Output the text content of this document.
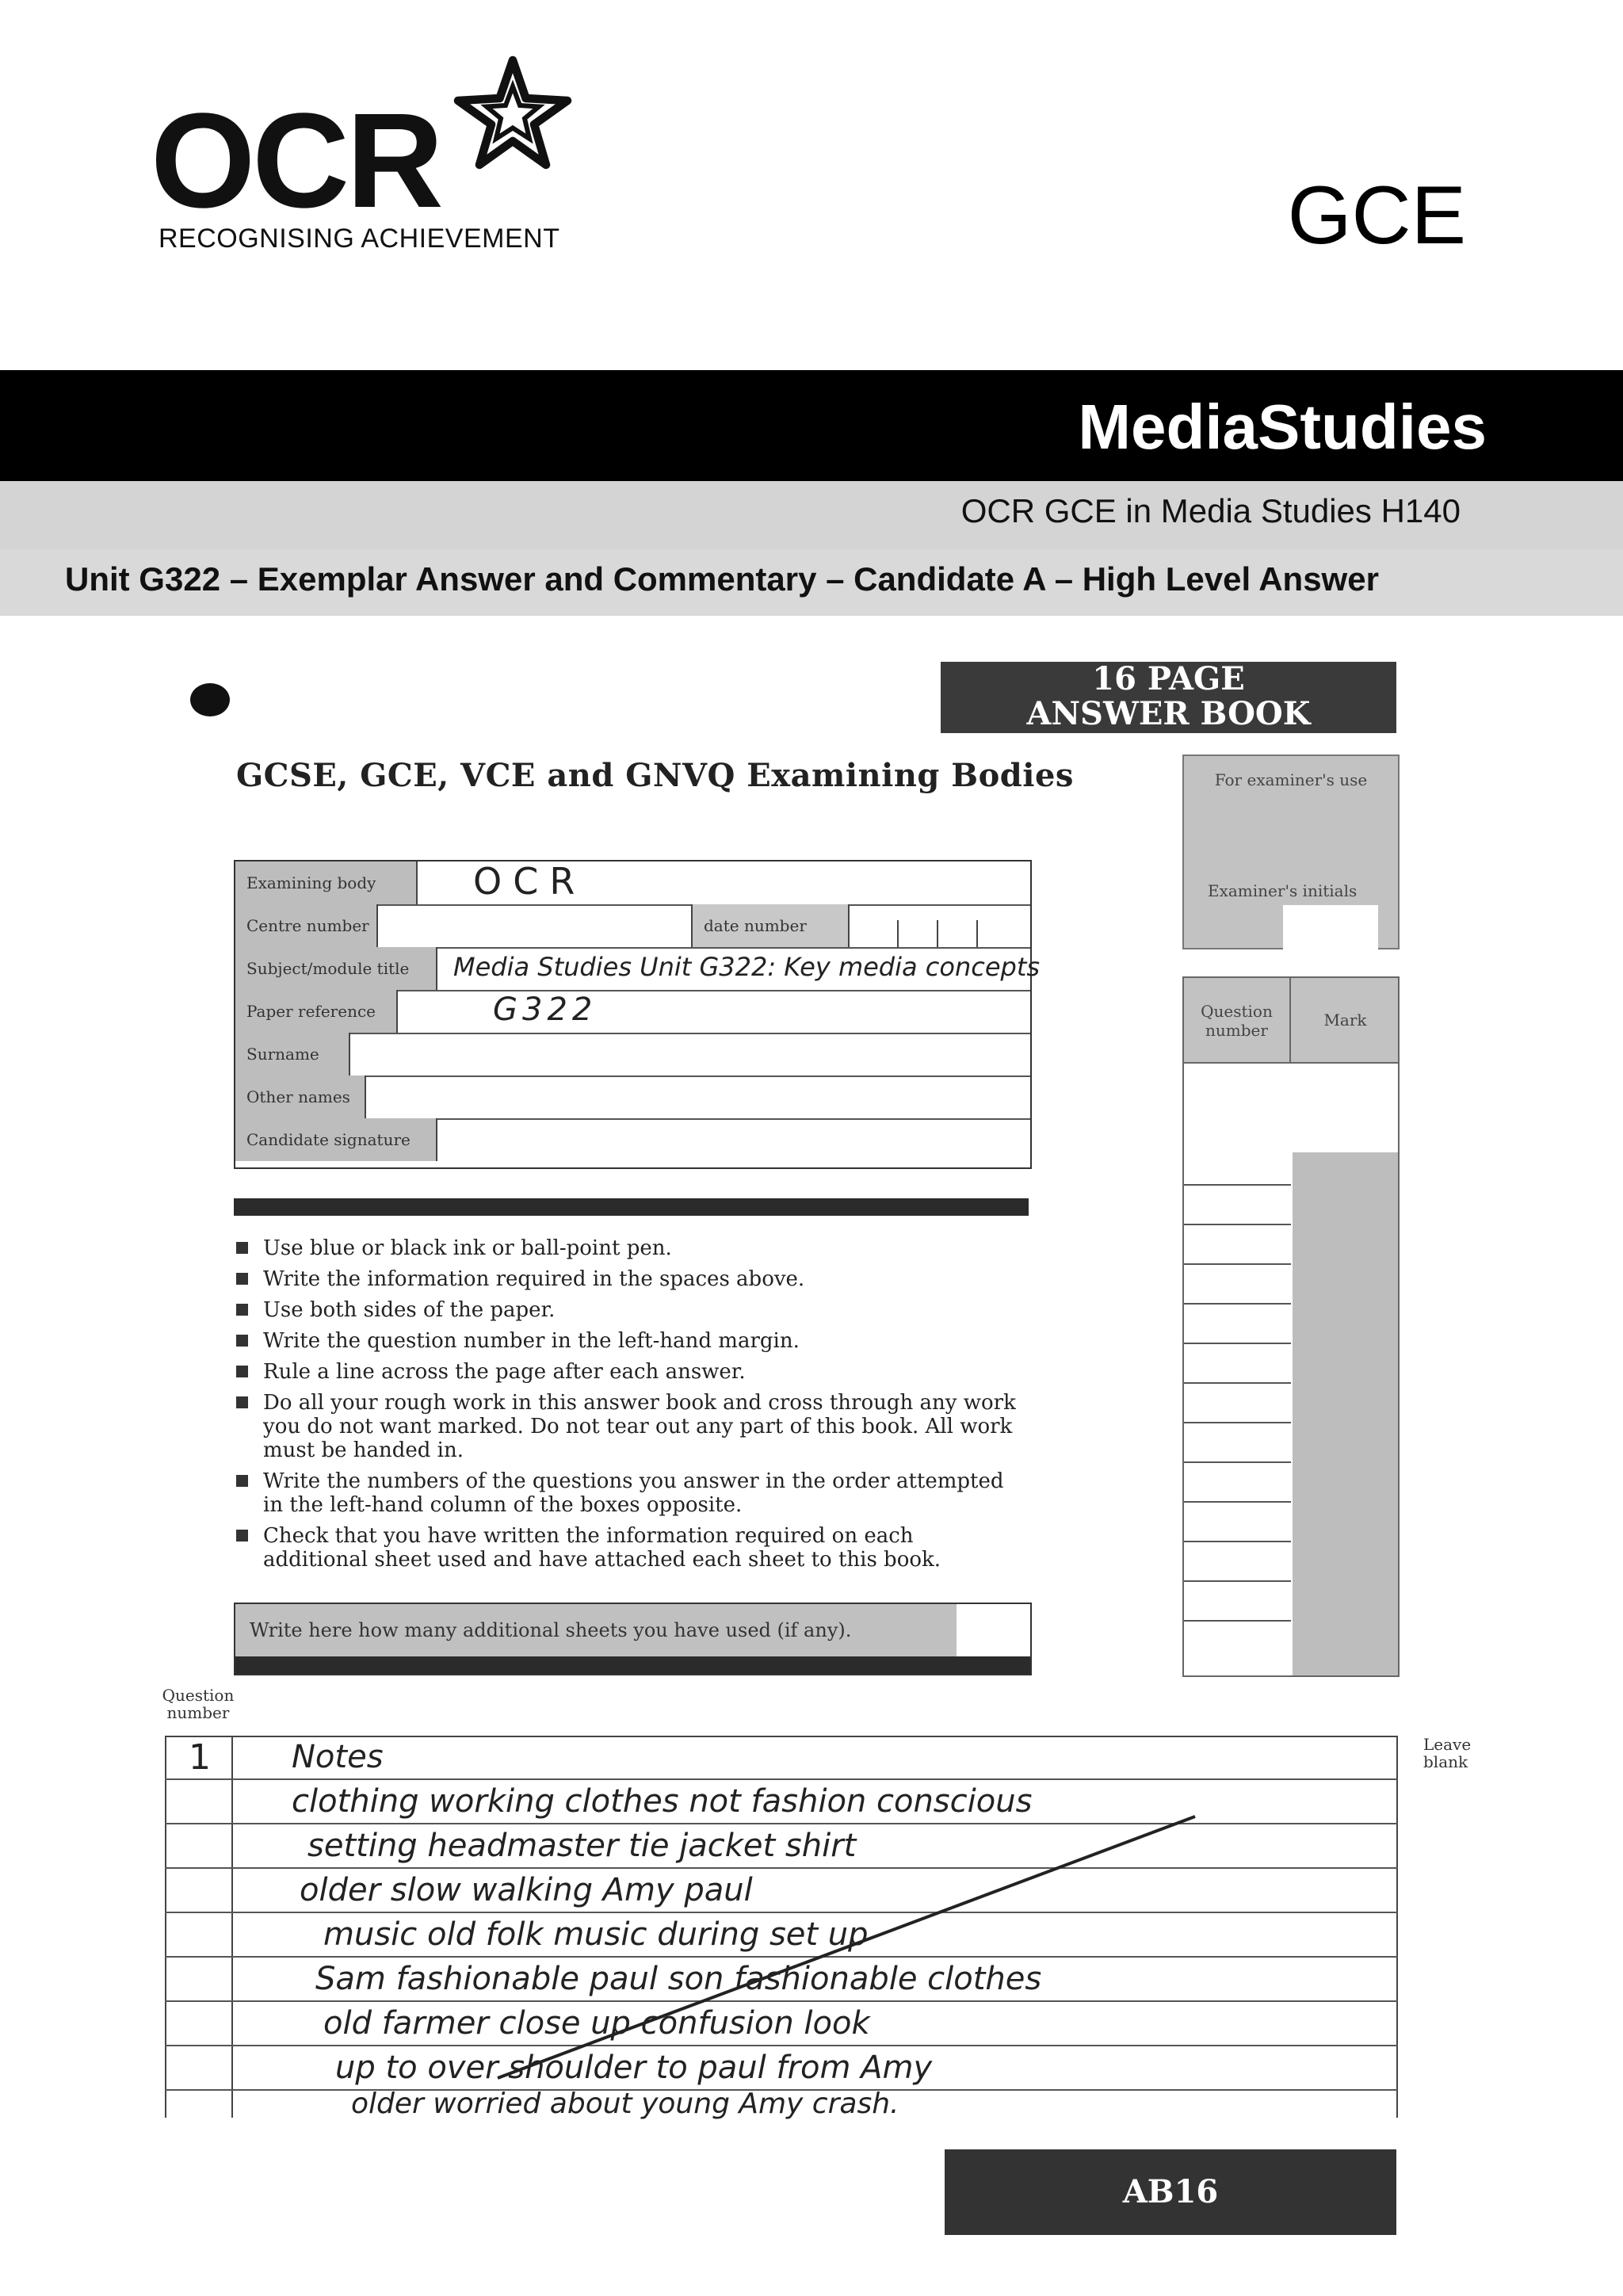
OCR
RECOGNISING ACHIEVEMENT	GCE
MediaStudies
OCR GCE in Media Studies H140
Unit G322 – Exemplar Answer and Commentary – Candidate A – High Level Answer
16 PAGE
ANSWER BOOK
GCSE, GCE, VCE and GNVQ Examining Bodies
Examining body	OCR
Centre number	date number
Subject/module title	Media Studies Unit G322: Key media concepts
Paper reference	G322
Surname
Other names
Candidate signature
For examiner's use
Examiner's initials
Question number
Mark
Use blue or black ink or ball-point pen.
Write the information required in the spaces above.
Use both sides of the paper.
Write the question number in the left-hand margin.
Rule a line across the page after each answer.
Do all your rough work in this answer book and cross through any work you do not want marked. Do not tear out any part of this book. All work must be handed in.
Write the numbers of the questions you answer in the order attempted in the left-hand column of the boxes opposite.
Check that you have written the information required on each additional sheet used and have attached each sheet to this book.
Write here how many additional sheets you have used (if any).
Question number
Leave blank
1	Notes
clothing working clothes not fashion conscious
setting headmaster tie jacket shirt
older slow walking Amy paul
music old folk music during set up
Sam fashionable paul son fashionable clothes
old farmer close up confusion look
up to over shoulder to paul from Amy
older worried about young Amy crash.
AB16
